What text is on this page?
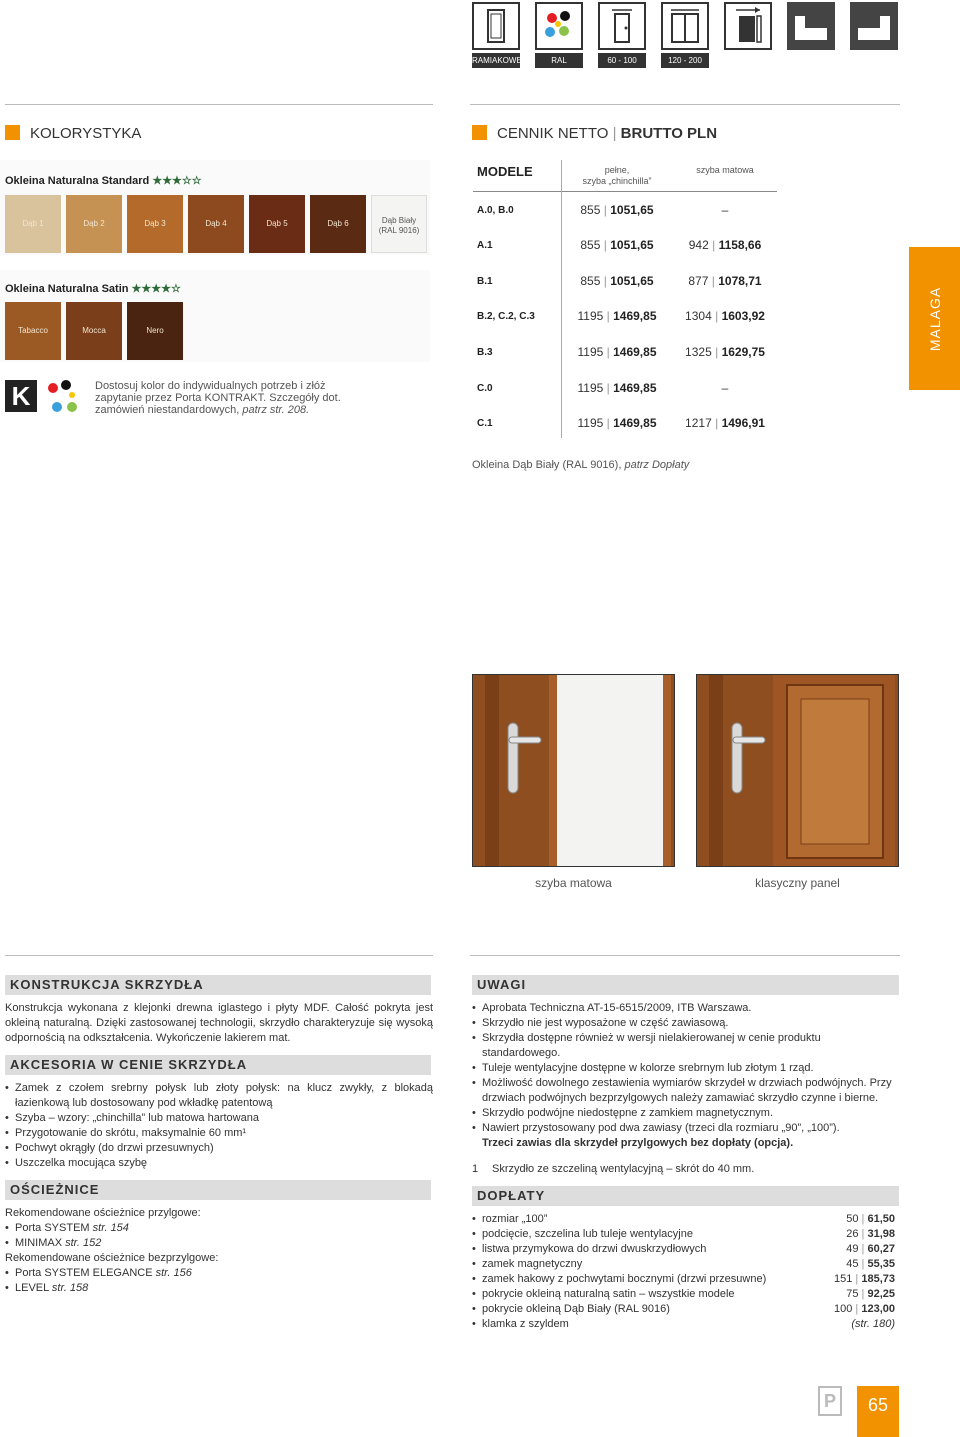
RAMIAKOWE	RAL	60 - 100	120 - 200
KOLORYSTYKA
Okleina Naturalna Standard ★★★☆☆
Dąb 1	Dąb 2	Dąb 3	Dąb 4	Dąb 5	Dąb 6	Dąb Biały (RAL 9016)
Okleina Naturalna Satin ★★★★☆
Tabacco	Mocca	Nero
K	Dostosuj kolor do indywidualnych potrzeb i złóż zapytanie przez Porta KONTRAKT. Szczegóły dot. zamówień niestandardowych, patrz str. 208.
CENNIK NETTO | BRUTTO PLN
MODELE	pełne,
szyba „chinchilla”
szyba matowa
A.0, B.0	855 | 1051,65	–
A.1	855 | 1051,65	942 | 1158,66
B.1	855 | 1051,65	877 | 1078,71
B.2, C.2, C.3	1195 | 1469,85	1304 | 1603,92
B.3	1195 | 1469,85	1325 | 1629,75
C.0	1195 | 1469,85	–
C.1	1195 | 1469,85	1217 | 1496,91
Okleina Dąb Biały (RAL 9016), patrz Dopłaty
MALAGA
szyba matowa	klasyczny panel
KONSTRUKCJA SKRZYDŁA
Konstrukcja wykonana z klejonki drewna iglastego i płyty MDF. Całość pokryta jest okleiną naturalną. Dzięki zastosowanej technologii, skrzydło charakteryzuje się wysoką odpornością na odkształcenia. Wykończenie lakierem mat.
AKCESORIA W CENIE SKRZYDŁA
• Zamek z czołem srebrny połysk lub złoty połysk: na klucz zwykły, z blokadą łazienkową lub dostosowany pod wkładkę patentową
• Szyba – wzory: „chinchilla” lub matowa hartowana
• Przygotowanie do skrótu, maksymalnie 60 mm¹
• Pochwyt okrągły (do drzwi przesuwnych)
• Uszczelka mocująca szybę
OŚCIEŻNICE
Rekomendowane ościeżnice przylgowe:
• Porta SYSTEM str. 154
• MINIMAX str. 152
Rekomendowane ościeżnice bezprzylgowe:
• Porta SYSTEM ELEGANCE str. 156
• LEVEL str. 158
UWAGI
• Aprobata Techniczna AT-15-6515/2009, ITB Warszawa.
• Skrzydło nie jest wyposażone w część zawiasową.
• Skrzydła dostępne również w wersji nielakierowanej w cenie produktu standardowego.
• Tuleje wentylacyjne dostępne w kolorze srebrnym lub złotym 1 rząd.
• Możliwość dowolnego zestawienia wymiarów skrzydeł w drzwiach podwójnych. Przy drzwiach podwójnych bezprzylgowych należy zamawiać skrzydło czynne i bierne.
• Skrzydło podwójne niedostępne z zamkiem magnetycznym.
• Nawiert przystosowany pod dwa zawiasy (trzeci dla rozmiaru „90”, „100”).
Trzeci zawias dla skrzydeł przylgowych bez dopłaty (opcja).
1 Skrzydło ze szczeliną wentylacyjną – skrót do 40 mm.
DOPŁATY
• rozmiar „100”	50 | 61,50
• podcięcie, szczelina lub tuleje wentylacyjne	26 | 31,98
• listwa przymykowa do drzwi dwuskrzydłowych	49 | 60,27
• zamek magnetyczny	45 | 55,35
• zamek hakowy z pochwytami bocznymi (drzwi przesuwne)	151 | 185,73
• pokrycie okleiną naturalną satin – wszystkie modele	75 | 92,25
• pokrycie okleiną Dąb Biały (RAL 9016)	100 | 123,00
• klamka z szyldem	(str. 180)
P	65
